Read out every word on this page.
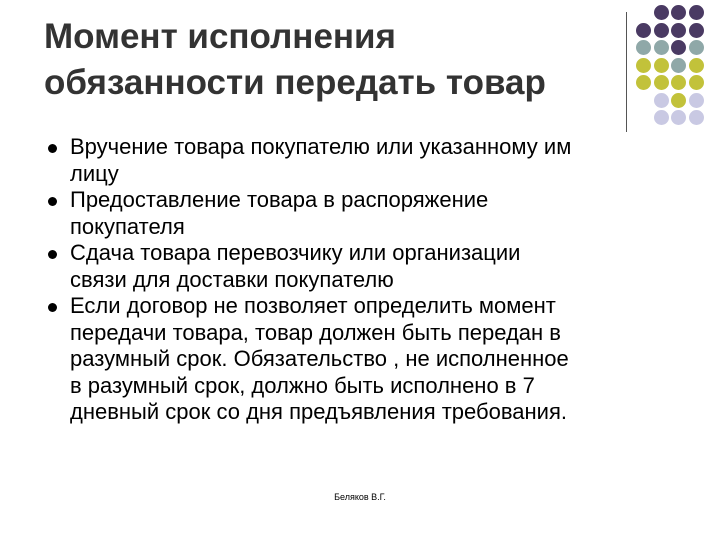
Момент исполнения
обязанности передать товар
Вручение товара покупателю или указанному им
лицу
Предоставление товара в распоряжение
покупателя
Сдача товара перевозчику или организации
связи для доставки покупателю
Если договор не позволяет определить момент
передачи товара, товар должен быть передан в
разумный срок. Обязательство , не исполненное
в разумный срок, должно быть исполнено в 7
дневный срок со дня предъявления требования.
Беляков В.Г.
